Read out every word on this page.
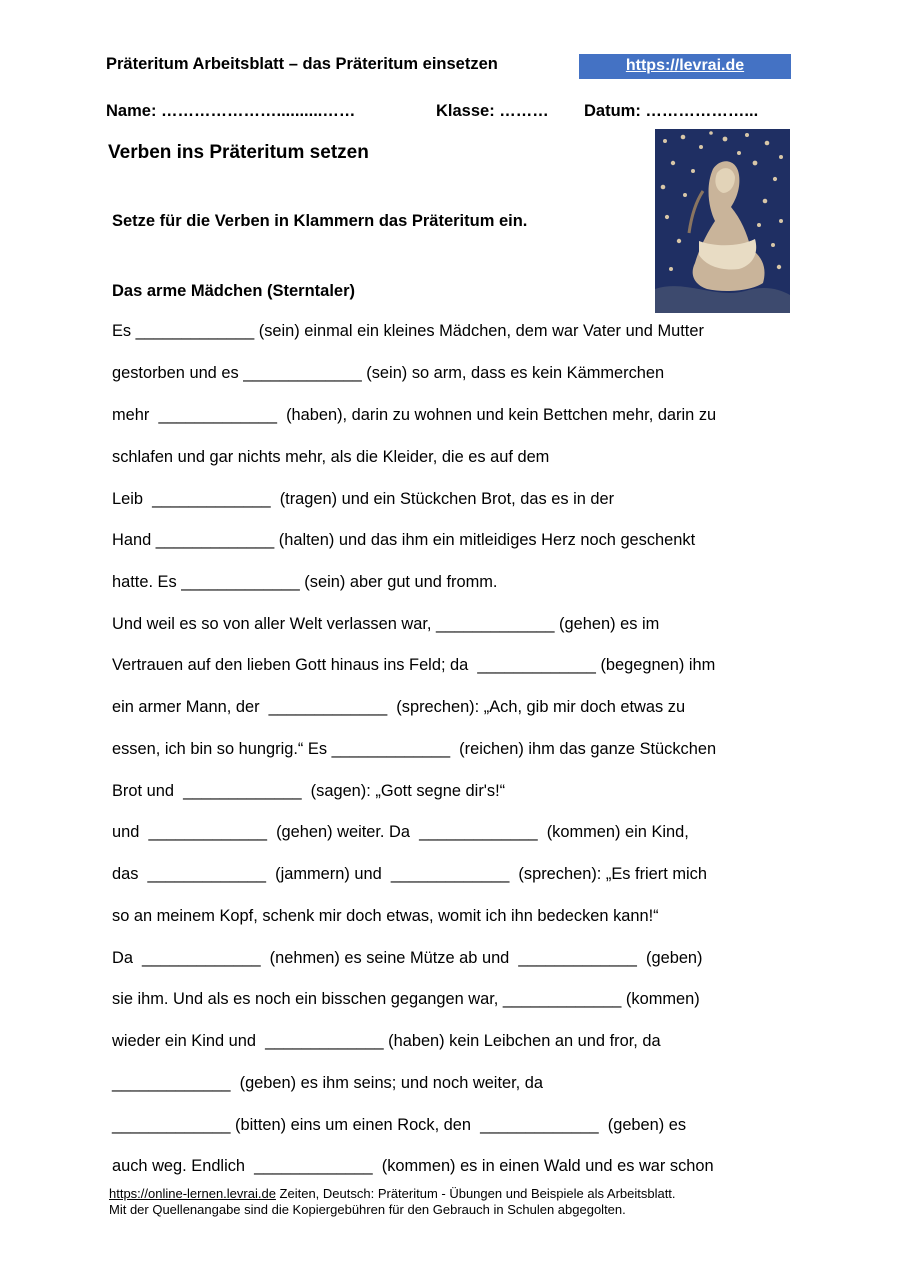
Präteritum Arbeitsblatt – das Präteritum einsetzen	https://levrai.de
Name: …………………..........……	Klasse: ……… Datum: ………………...
Verben ins Präteritum setzen
Setze für die Verben in Klammern das Präteritum ein.
Das arme Mädchen (Sterntaler)
Es _____________ (sein) einmal ein kleines Mädchen, dem war Vater und Mutter
gestorben und es _____________ (sein) so arm, dass es kein Kämmerchen
mehr  _____________  (haben), darin zu wohnen und kein Bettchen mehr, darin zu
schlafen und gar nichts mehr, als die Kleider, die es auf dem
Leib  _____________  (tragen) und ein Stückchen Brot, das es in der
Hand _____________ (halten) und das ihm ein mitleidiges Herz noch geschenkt
hatte. Es _____________ (sein) aber gut und fromm.
Und weil es so von aller Welt verlassen war, _____________ (gehen) es im
Vertrauen auf den lieben Gott hinaus ins Feld; da  _____________ (begegnen) ihm
ein armer Mann, der  _____________  (sprechen): „Ach, gib mir doch etwas zu
essen, ich bin so hungrig.“ Es _____________  (reichen) ihm das ganze Stückchen
Brot und  _____________  (sagen): „Gott segne dir's!“
und  _____________  (gehen) weiter. Da  _____________  (kommen) ein Kind,
das  _____________  (jammern) und  _____________  (sprechen): „Es friert mich
so an meinem Kopf, schenk mir doch etwas, womit ich ihn bedecken kann!“
Da  _____________  (nehmen) es seine Mütze ab und  _____________  (geben)
sie ihm. Und als es noch ein bisschen gegangen war, _____________ (kommen)
wieder ein Kind und  _____________ (haben) kein Leibchen an und fror, da
_____________  (geben) es ihm seins; und noch weiter, da
_____________ (bitten) eins um einen Rock, den  _____________  (geben) es
auch weg. Endlich  _____________  (kommen) es in einen Wald und es war schon
https://online-lernen.levrai.de Zeiten, Deutsch: Präteritum - Übungen und Beispiele als Arbeitsblatt.
Mit der Quellenangabe sind die Kopiergebühren für den Gebrauch in Schulen abgegolten.
